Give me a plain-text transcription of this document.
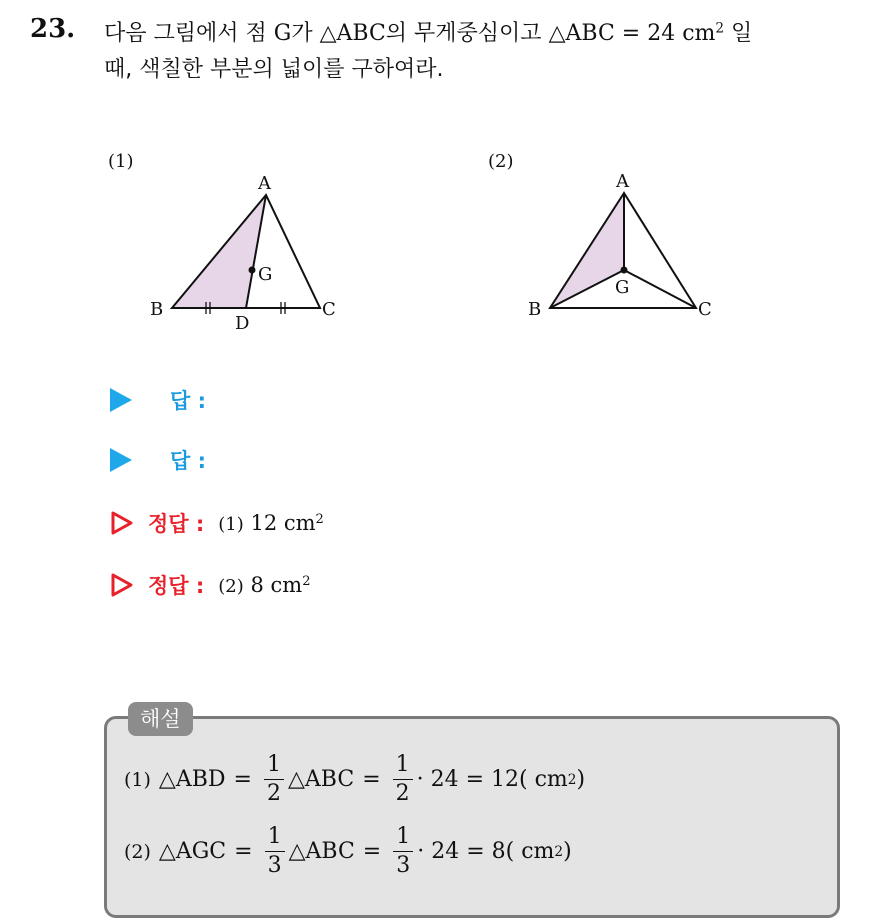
23. 다음 그림에서 점 G가 △ABC의 무게중심이고 △ABC = 24 $cm^2$ 일
때, 색칠한 부분의 넓이를 구하여라.
(1)
A
B	C
D
G
(2)
A
B	C
G
답 :
답 :
정답 : (1) 12 $cm^2$
정답 : (2) 8 $cm^2$
해설
(1) △ABD = $\frac{1}{2}$ △ABC = $\frac{1}{2} \cdot 24 = 12$( cm 2 )
(2) △AGC = $\frac{1}{3}$ △ABC = $\frac{1}{3} \cdot 24 = 8$( cm 2 )
